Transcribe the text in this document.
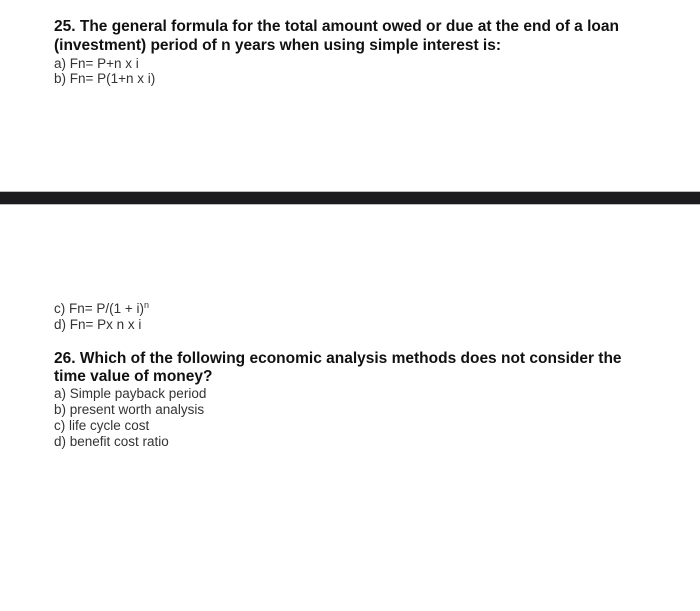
25. The general formula for the total amount owed or due at the end of a loan
(investment) period of n years when using simple interest is:
a) Fn= P+n x i
b) Fn= P(1+n x i)
c) $Fn= P/(1 + i)^n$
d) Fn= Px n x i
26. Which of the following economic analysis methods does not consider the
time value of money?
a) Simple payback period
b) present worth analysis
c) life cycle cost
d) benefit cost ratio
